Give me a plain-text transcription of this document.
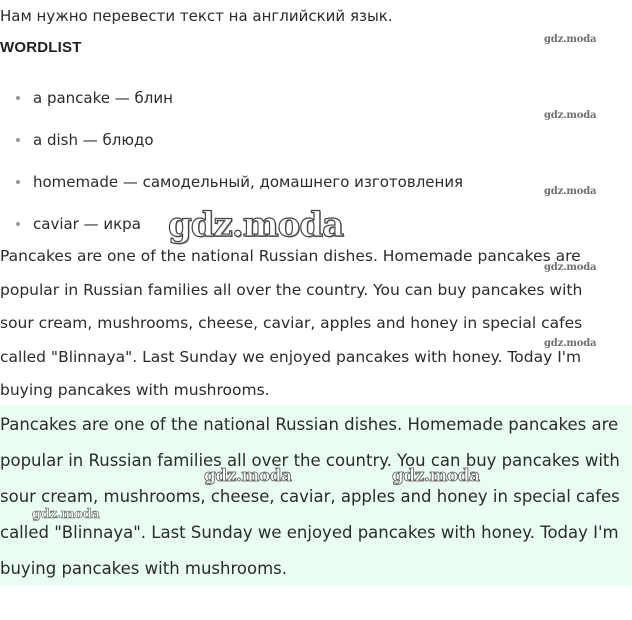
Нам нужно перевести текст на английский язык.
WORDLIST
a pancake — блин
a dish — блюдо
homemade — самодельный, домашнего изготовления
caviar — икра

Pancakes are one of the national Russian dishes. Homemade pancakes are popular in Russian families all over the country. You can buy pancakes with sour cream, mushrooms, cheese, caviar, apples and honey in special cafes called "Blinnaya". Last Sunday we enjoyed pancakes with honey. Today I'm buying pancakes with mushrooms.

Pancakes are one of the national Russian dishes. Homemade pancakes are popular in Russian families all over the country. You can buy pancakes with sour cream, mushrooms, cheese, caviar, apples and honey in special cafes called "Blinnaya". Last Sunday we enjoyed pancakes with honey. Today I'm buying pancakes with mushrooms.

gdz.moda
gdz.moda
gdz.moda
gdz.moda
gdz.moda
gdz.moda
gdz.moda	gdz.moda
gdz.moda
